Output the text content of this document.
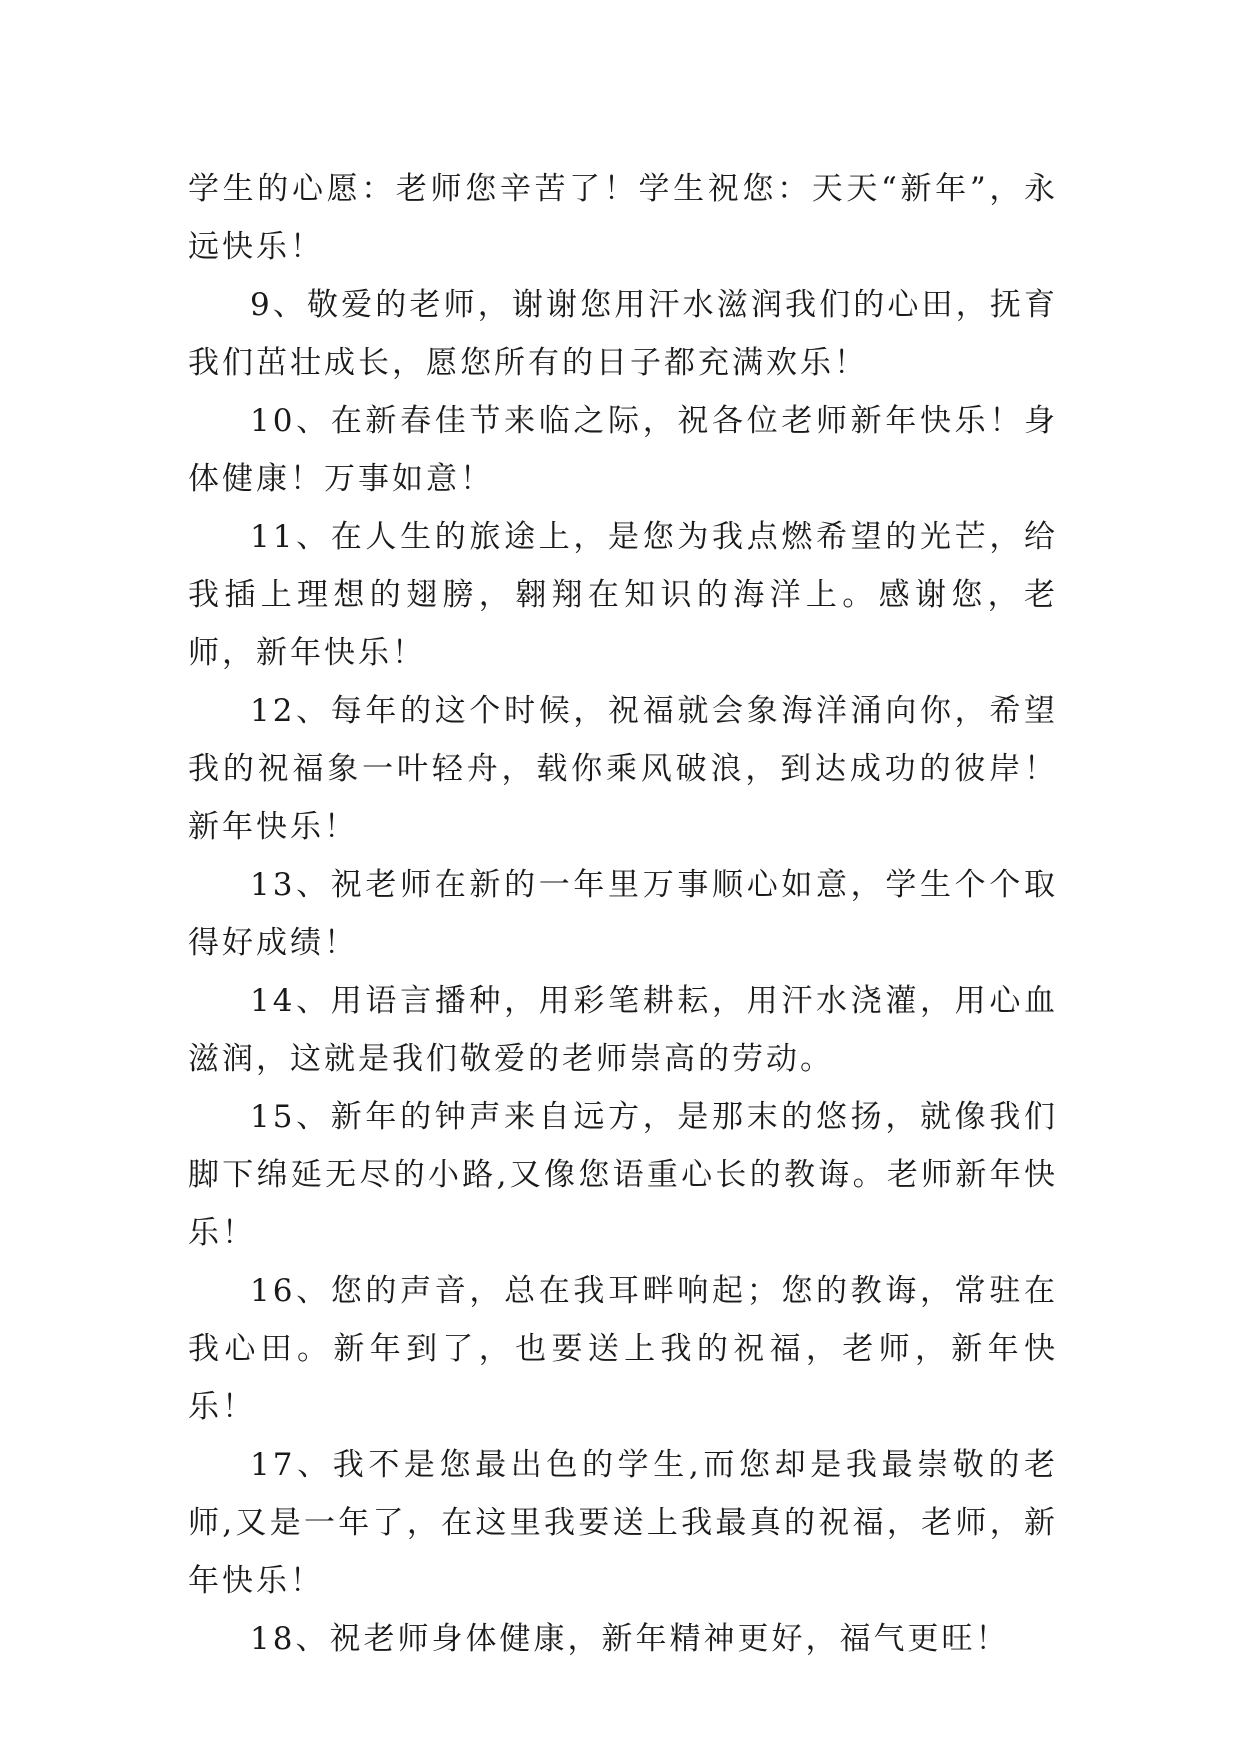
学生的心愿：老师您辛苦了！学生祝您：天天“新年”，永远快乐！

9、敬爱的老师，谢谢您用汗水滋润我们的心田，抚育我们茁壮成长，愿您所有的日子都充满欢乐！

10、在新春佳节来临之际，祝各位老师新年快乐！身体健康！万事如意！

11、在人生的旅途上，是您为我点燃希望的光芒，给我插上理想的翅膀，翱翔在知识的海洋上。感谢您，老师，新年快乐！

12、每年的这个时候，祝福就会象海洋涌向你，希望我的祝福象一叶轻舟，载你乘风破浪，到达成功的彼岸！新年快乐！

13、祝老师在新的一年里万事顺心如意，学生个个取得好成绩！

14、用语言播种，用彩笔耕耘，用汗水浇灌，用心血滋润，这就是我们敬爱的老师崇高的劳动。

15、新年的钟声来自远方，是那末的悠扬，就像我们脚下绵延无尽的小路,又像您语重心长的教诲。老师新年快乐！

16、您的声音，总在我耳畔响起；您的教诲，常驻在我心田。新年到了，也要送上我的祝福，老师，新年快乐！

17、我不是您最出色的学生,而您却是我最崇敬的老师,又是一年了，在这里我要送上我最真的祝福，老师，新年快乐！

18、祝老师身体健康，新年精神更好，福气更旺！
